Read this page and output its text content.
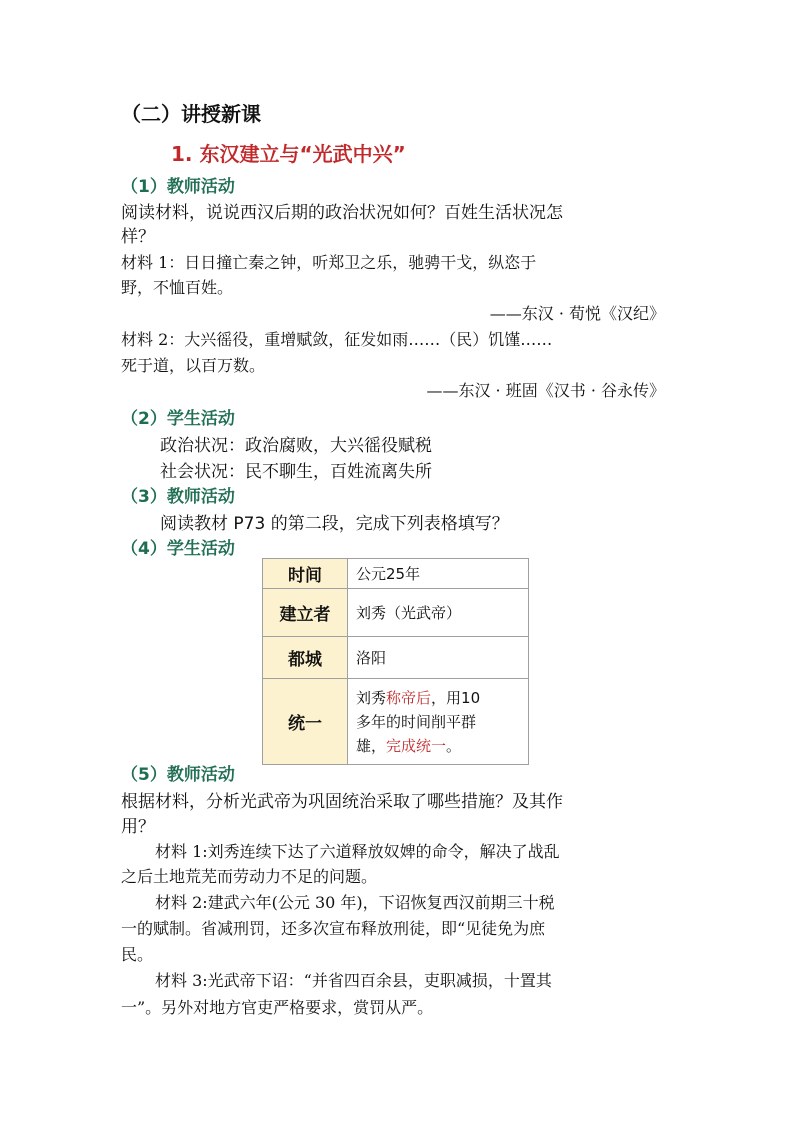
（二）讲授新课
1. 东汉建立与“光武中兴”
（1）教师活动
阅读材料，说说西汉后期的政治状况如何？百姓生活状况怎
样？
材料 1：日日撞亡秦之钟，听郑卫之乐，驰骋干戈，纵恣于
野，不恤百姓。
——东汉 · 荀悦《汉纪》
材料 2：大兴徭役，重增赋敛，征发如雨……（民）饥馑……
死于道，以百万数。
——东汉 · 班固《汉书 · 谷永传》
（2）学生活动
政治状况：政治腐败，大兴徭役赋税
社会状况：民不聊生，百姓流离失所
（3）教师活动
阅读教材 P73 的第二段，完成下列表格填写？
（4）学生活动
时间	公元25年
建立者	刘秀（光武帝）
都城	洛阳
统一	刘秀称帝后，用10
多年的时间削平群
雄，完成统一。
（5）教师活动
根据材料，分析光武帝为巩固统治采取了哪些措施？及其作
用？
材料 1:刘秀连续下达了六道释放奴婢的命令，解决了战乱
之后土地荒芜而劳动力不足的问题。
材料 2:建武六年(公元 30 年)，下诏恢复西汉前期三十税
一的赋制。省减刑罚，还多次宣布释放刑徒，即“见徒免为庶
民。
材料 3:光武帝下诏：“并省四百余县，吏职减损，十置其
一”。另外对地方官吏严格要求，赏罚从严。
